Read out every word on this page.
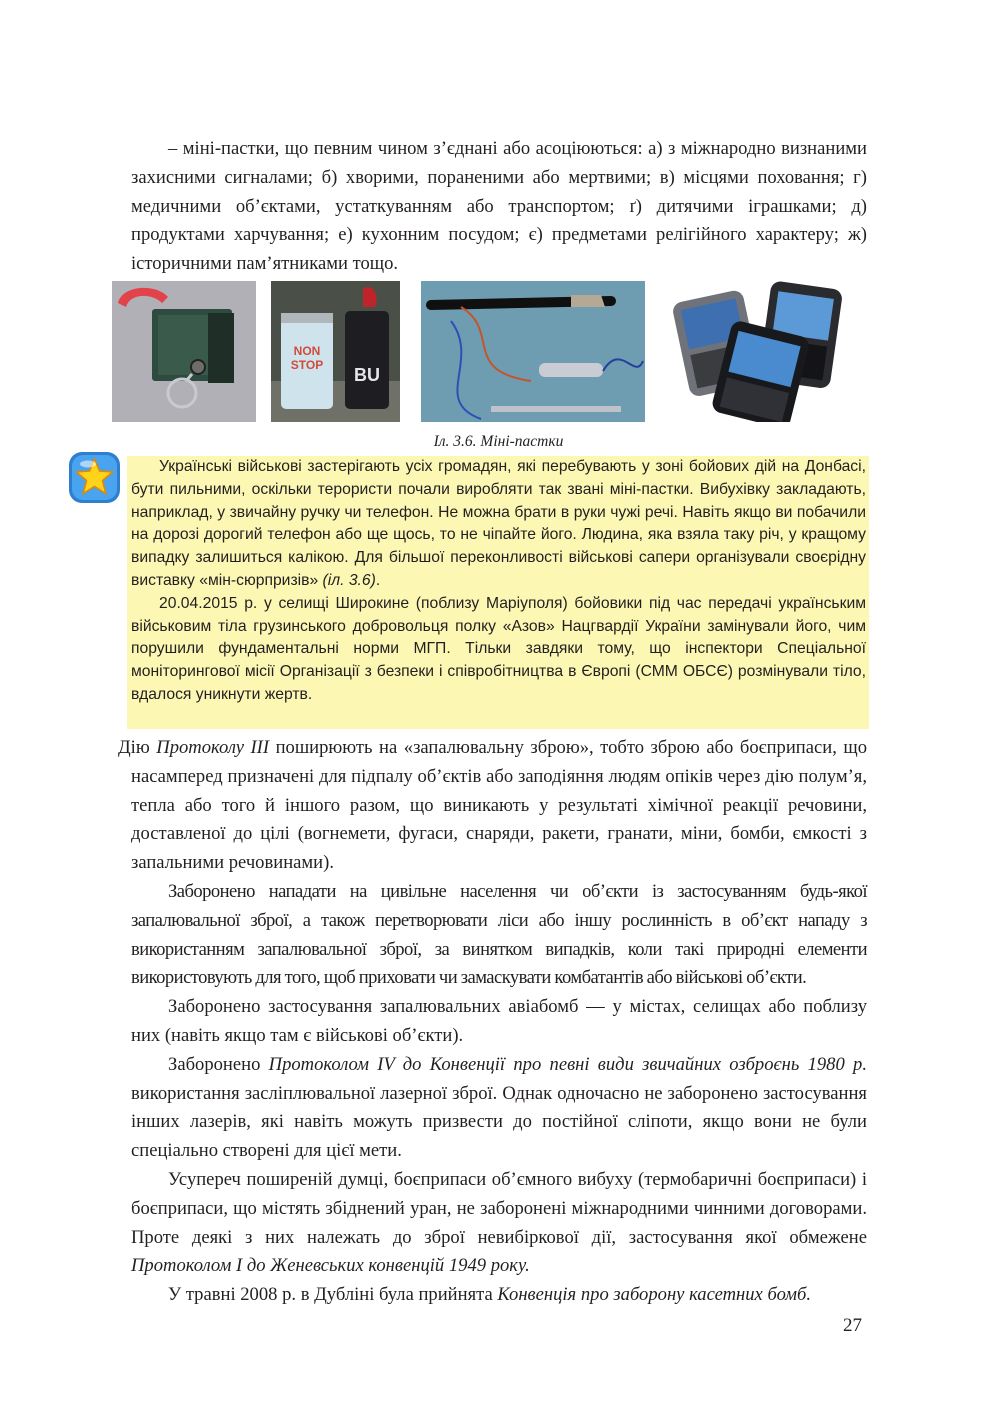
– міні-пастки, що певним чином з’єднані або асоціюються: а) з міжнародно визнаними захисними сигналами; б) хворими, пораненими або мертвими; в) місцями поховання; г) медичними об’єктами, устаткуванням або транспортом; ґ) дитячими іграшками; д) продуктами харчування; е) кухонним посудом; є) предметами релігійного характеру; ж) історичними пам’ятниками тощо.

NON
STOP BU
Іл. 3.6. Міні-пастки

Українські військові застерігають усіх громадян, які перебувають у зоні бойових дій на Донбасі, бути пильними, оскільки терористи почали виробляти так звані міні-пастки. Вибухівку закладають, наприклад, у звичайну ручку чи телефон. Не можна брати в руки чужі речі. Навіть якщо ви побачили на дорозі дорогий телефон або ще щось, то не чіпайте його. Людина, яка взяла таку річ, у кращому випадку залишиться калікою. Для більшої переконливості військові сапери організували своєрідну виставку «мін-сюрпризів» (іл. 3.6).

20.04.2015 р. у селищі Широкине (поблизу Маріуполя) бойовики під час передачі українським військовим тіла грузинського добровольця полку «Азов» Нацгвардії України замінували його, чим порушили фундаментальні норми МГП. Тільки завдяки тому, що інспектори Спеціальної моніторингової місії Організації з безпеки і співробітництва в Європі (СММ ОБСЄ) розмінували тіло, вдалося уникнути жертв.

Дію Протоколу ІІІ поширюють на «запалювальну зброю», тобто зброю або боєприпаси, що насамперед призначені для підпалу об’єктів або заподіяння людям опіків через дію полум’я, тепла або того й іншого разом, що виникають у результаті хімічної реакції речовини, доставленої до цілі (вогнемети, фугаси, снаряди, ракети, гранати, міни, бомби, ємкості з запальними речовинами).

Заборонено нападати на цивільне населення чи об’єкти із застосуванням будь-якої запалювальної зброї, а також перетворювати ліси або іншу рослинність в об’єкт нападу з використанням запалювальної зброї, за винятком випадків, коли такі природні елементи використовують для того, щоб приховати чи замаскувати комбатантів або військові об’єкти.

Заборонено застосування запалювальних авіабомб — у містах, селищах або поблизу них (навіть якщо там є військові об’єкти).

Заборонено Протоколом IV до Конвенції про певні види звичайних озброєнь 1980 р. використання засліплювальної лазерної зброї. Однак одночасно не заборонено застосування інших лазерів, які навіть можуть призвести до постійної сліпоти, якщо вони не були спеціально створені для цієї мети.

Усупереч поширеній думці, боєприпаси об’ємного вибуху (термобаричні боєприпаси) і боєприпаси, що містять збіднений уран, не заборонені міжнародними чинними договорами. Проте деякі з них належать до зброї невибіркової дії, застосування якої обмежене Протоколом І до Женевських конвенцій 1949 року.

У травні 2008 р. в Дубліні була прийнята Конвенція про заборону касетних бомб.

27
